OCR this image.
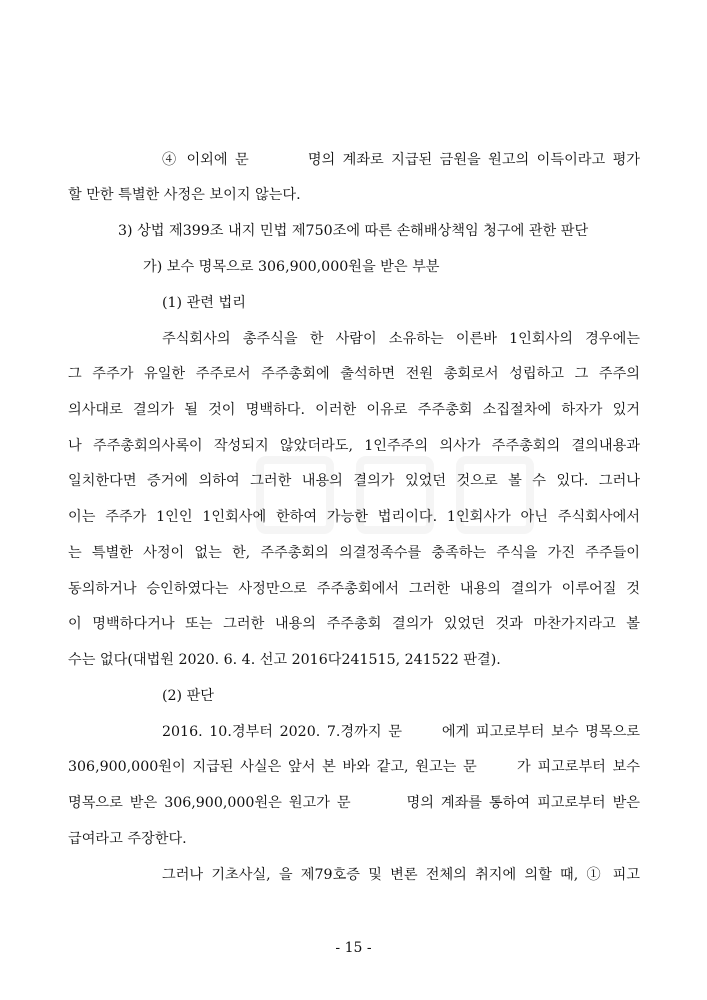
④ 이외에 문        명의 계좌로 지급된 금원을 원고의 이득이라고 평가
할 만한 특별한 사정은 보이지 않는다.
3) 상법 제399조 내지 민법 제750조에 따른 손해배상책임 청구에 관한 판단
가) 보수 명목으로 306,900,000원을 받은 부분
(1) 관련 법리
주식회사의 총주식을 한 사람이 소유하는 이른바 1인회사의 경우에는
그 주주가 유일한 주주로서 주주총회에 출석하면 전원 총회로서 성립하고 그 주주의
의사대로 결의가 될 것이 명백하다. 이러한 이유로 주주총회 소집절차에 하자가 있거
나 주주총회의사록이 작성되지 않았더라도, 1인주주의 의사가 주주총회의 결의내용과
일치한다면 증거에 의하여 그러한 내용의 결의가 있었던 것으로 볼 수 있다. 그러나
이는 주주가 1인인 1인회사에 한하여 가능한 법리이다. 1인회사가 아닌 주식회사에서
는 특별한 사정이 없는 한, 주주총회의 의결정족수를 충족하는 주식을 가진 주주들이
동의하거나 승인하였다는 사정만으로 주주총회에서 그러한 내용의 결의가 이루어질 것
이 명백하다거나 또는 그러한 내용의 주주총회 결의가 있었던 것과 마찬가지라고 볼
수는 없다(대법원 2020. 6. 4. 선고 2016다241515, 241522 판결).
(2) 판단
2016. 10.경부터 2020. 7.경까지 문      에게 피고로부터 보수 명목으로
306,900,000원이 지급된 사실은 앞서 본 바와 같고, 원고는 문      가 피고로부터 보수
명목으로 받은 306,900,000원은 원고가 문        명의 계좌를 통하여 피고로부터 받은
급여라고 주장한다.
그러나 기초사실, 을 제79호증 및 변론 전체의 취지에 의할 때, ① 피고
- 15 -
